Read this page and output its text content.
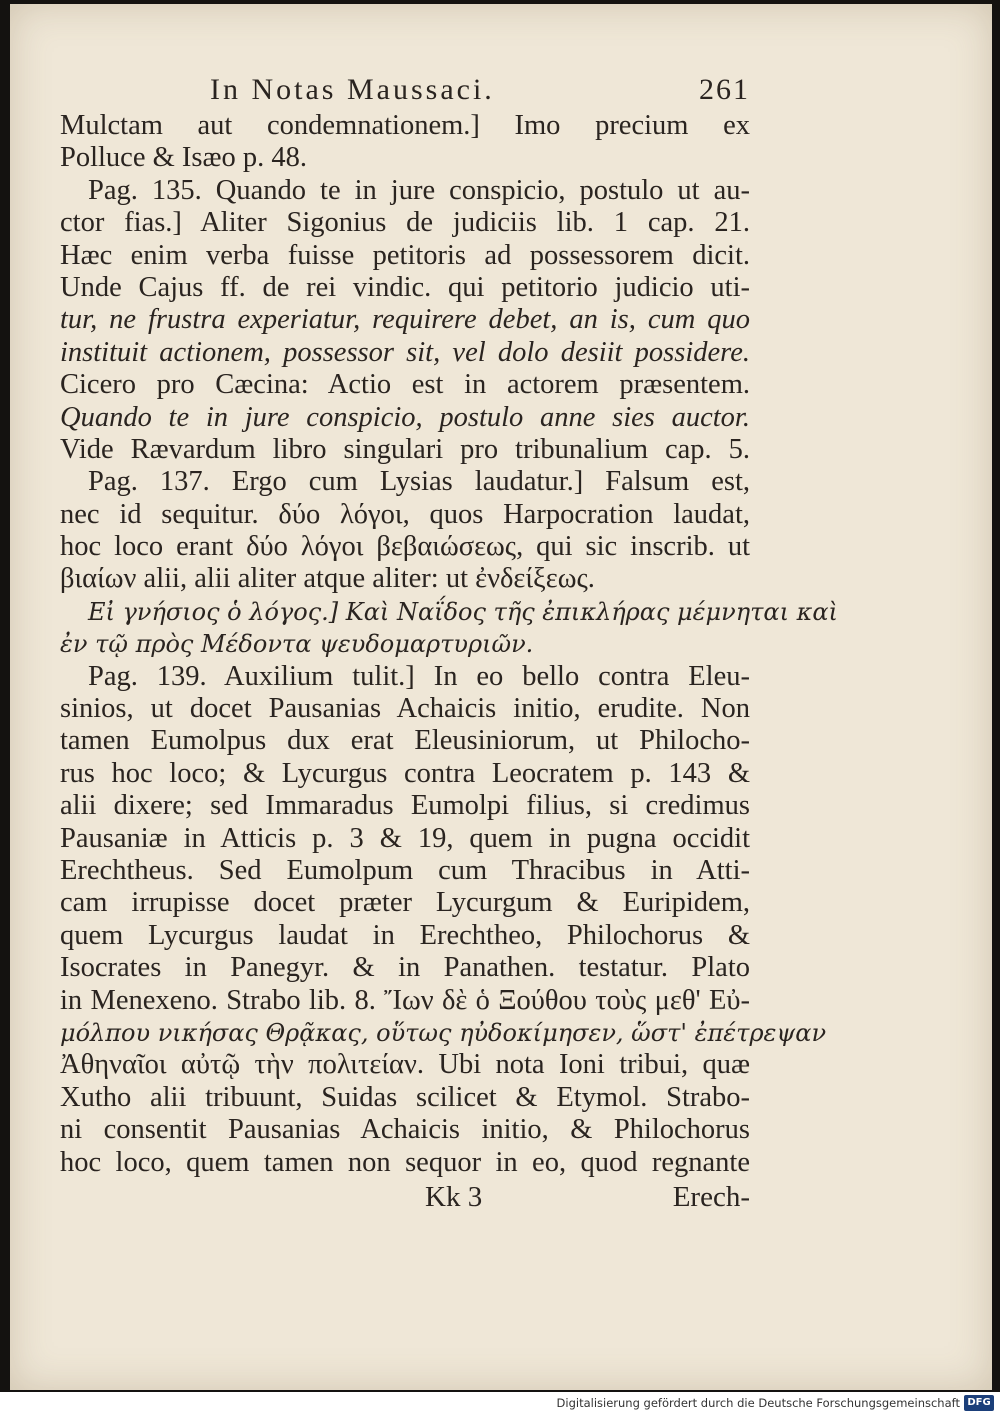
In Notas Maussaci.	261
Mulctam aut condemnationem.] Imo precium ex
Polluce & Isæo p. 48.
Pag. 135. Quando te in jure conspicio, postulo ut au-
ctor fias.] Aliter Sigonius de judiciis lib. 1 cap. 21.
Hæc enim verba fuisse petitoris ad possessorem dicit.
Unde Cajus ff. de rei vindic. qui petitorio judicio uti-
tur, ne frustra experiatur, requirere debet, an is, cum quo
instituit actionem, possessor sit, vel dolo desiit possidere.
Cicero pro Cæcina: Actio est in actorem præsentem.
Quando te in jure conspicio, postulo anne sies auctor.
Vide Rævardum libro singulari pro tribunalium cap. 5.
Pag. 137. Ergo cum Lysias laudatur.] Falsum est,
nec id sequitur. δύο λόγοι, quos Harpocration laudat,
hoc loco erant δύο λόγοι βεβαιώσεως, qui sic inscrib. ut
βιαίων alii, alii aliter atque aliter: ut ἐνδείξεως.
Εἰ γνήσιος ὁ λόγος.] Καὶ Ναΐδος τῆς ἐπικλήρας μέμνηται καὶ
ἐν τῷ πρὸς Μέδοντα ψευδομαρτυριῶν.
Pag. 139. Auxilium tulit.] In eo bello contra Eleu-
sinios, ut docet Pausanias Achaicis initio, erudite. Non
tamen Eumolpus dux erat Eleusiniorum, ut Philocho-
rus hoc loco; & Lycurgus contra Leocratem p. 143 &
alii dixere; sed Immaradus Eumolpi filius, si credimus
Pausaniæ in Atticis p. 3 & 19, quem in pugna occidit
Erechtheus. Sed Eumolpum cum Thracibus in Atti-
cam irrupisse docet præter Lycurgum & Euripidem,
quem Lycurgus laudat in Erechtheo, Philochorus &
Isocrates in Panegyr. & in Panathen. testatur. Plato
in Menexeno. Strabo lib. 8. Ἴων δὲ ὁ Ξούθου τοὺς μεθ' Εὐ-
μόλπου νικήσας Θρᾷκας, οὕτως ηὐδοκίμησεν, ὥστ' ἐπέτρεψαν
Ἀθηναῖοι αὐτῷ τὴν πολιτείαν. Ubi nota Ioni tribui, quæ
Xutho alii tribuunt, Suidas scilicet & Etymol. Strabo-
ni consentit Pausanias Achaicis initio, & Philochorus
hoc loco, quem tamen non sequor in eo, quod regnante
Kk 3	Erech-
Digitalisierung gefördert durch die Deutsche Forschungsgemeinschaft DFG
